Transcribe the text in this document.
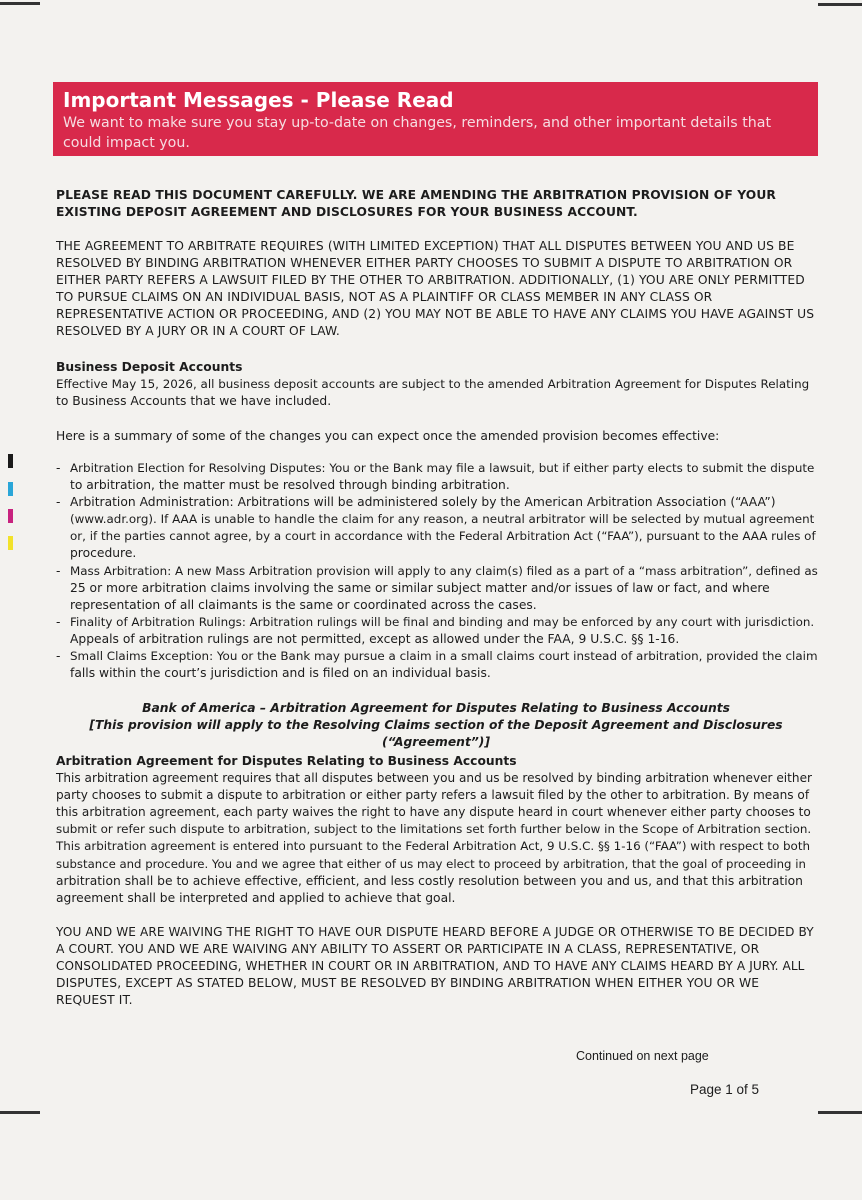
Important Messages - Please Read
We want to make sure you stay up-to-date on changes, reminders, and other important details that
could impact you.
PLEASE READ THIS DOCUMENT CAREFULLY. WE ARE AMENDING THE ARBITRATION PROVISION OF YOUR
EXISTING DEPOSIT AGREEMENT AND DISCLOSURES FOR YOUR BUSINESS ACCOUNT.
THE AGREEMENT TO ARBITRATE REQUIRES (WITH LIMITED EXCEPTION) THAT ALL DISPUTES BETWEEN YOU AND US BE
RESOLVED BY BINDING ARBITRATION WHENEVER EITHER PARTY CHOOSES TO SUBMIT A DISPUTE TO ARBITRATION OR
EITHER PARTY REFERS A LAWSUIT FILED BY THE OTHER TO ARBITRATION. ADDITIONALLY, (1) YOU ARE ONLY PERMITTED
TO PURSUE CLAIMS ON AN INDIVIDUAL BASIS, NOT AS A PLAINTIFF OR CLASS MEMBER IN ANY CLASS OR
REPRESENTATIVE ACTION OR PROCEEDING, AND (2) YOU MAY NOT BE ABLE TO HAVE ANY CLAIMS YOU HAVE AGAINST US
RESOLVED BY A JURY OR IN A COURT OF LAW.
Business Deposit Accounts
Effective May 15, 2026, all business deposit accounts are subject to the amended Arbitration Agreement for Disputes Relating
to Business Accounts that we have included.
Here is a summary of some of the changes you can expect once the amended provision becomes effective:
- Arbitration Election for Resolving Disputes: You or the Bank may file a lawsuit, but if either party elects to submit the dispute
to arbitration, the matter must be resolved through binding arbitration.
- Arbitration Administration: Arbitrations will be administered solely by the American Arbitration Association (“AAA”)
(www.adr.org). If AAA is unable to handle the claim for any reason, a neutral arbitrator will be selected by mutual agreement
or, if the parties cannot agree, by a court in accordance with the Federal Arbitration Act (“FAA”), pursuant to the AAA rules of
procedure.
- Mass Arbitration: A new Mass Arbitration provision will apply to any claim(s) filed as a part of a “mass arbitration”, defined as
25 or more arbitration claims involving the same or similar subject matter and/or issues of law or fact, and where
representation of all claimants is the same or coordinated across the cases.
- Finality of Arbitration Rulings: Arbitration rulings will be final and binding and may be enforced by any court with jurisdiction.
Appeals of arbitration rulings are not permitted, except as allowed under the FAA, 9 U.S.C. §§ 1-16.
- Small Claims Exception: You or the Bank may pursue a claim in a small claims court instead of arbitration, provided the claim
falls within the court’s jurisdiction and is filed on an individual basis.
Bank of America – Arbitration Agreement for Disputes Relating to Business Accounts
[This provision will apply to the Resolving Claims section of the Deposit Agreement and Disclosures (“Agreement”)]
Arbitration Agreement for Disputes Relating to Business Accounts
This arbitration agreement requires that all disputes between you and us be resolved by binding arbitration whenever either
party chooses to submit a dispute to arbitration or either party refers a lawsuit filed by the other to arbitration. By means of
this arbitration agreement, each party waives the right to have any dispute heard in court whenever either party chooses to
submit or refer such dispute to arbitration, subject to the limitations set forth further below in the Scope of Arbitration section.
This arbitration agreement is entered into pursuant to the Federal Arbitration Act, 9 U.S.C. §§ 1-16 (“FAA”) with respect to both
substance and procedure. You and we agree that either of us may elect to proceed by arbitration, that the goal of proceeding in
arbitration shall be to achieve effective, efficient, and less costly resolution between you and us, and that this arbitration
agreement shall be interpreted and applied to achieve that goal.
YOU AND WE ARE WAIVING THE RIGHT TO HAVE OUR DISPUTE HEARD BEFORE A JUDGE OR OTHERWISE TO BE DECIDED BY
A COURT. YOU AND WE ARE WAIVING ANY ABILITY TO ASSERT OR PARTICIPATE IN A CLASS, REPRESENTATIVE, OR
CONSOLIDATED PROCEEDING, WHETHER IN COURT OR IN ARBITRATION, AND TO HAVE ANY CLAIMS HEARD BY A JURY. ALL
DISPUTES, EXCEPT AS STATED BELOW, MUST BE RESOLVED BY BINDING ARBITRATION WHEN EITHER YOU OR WE
REQUEST IT.
Continued on next page
Page 1 of 5
